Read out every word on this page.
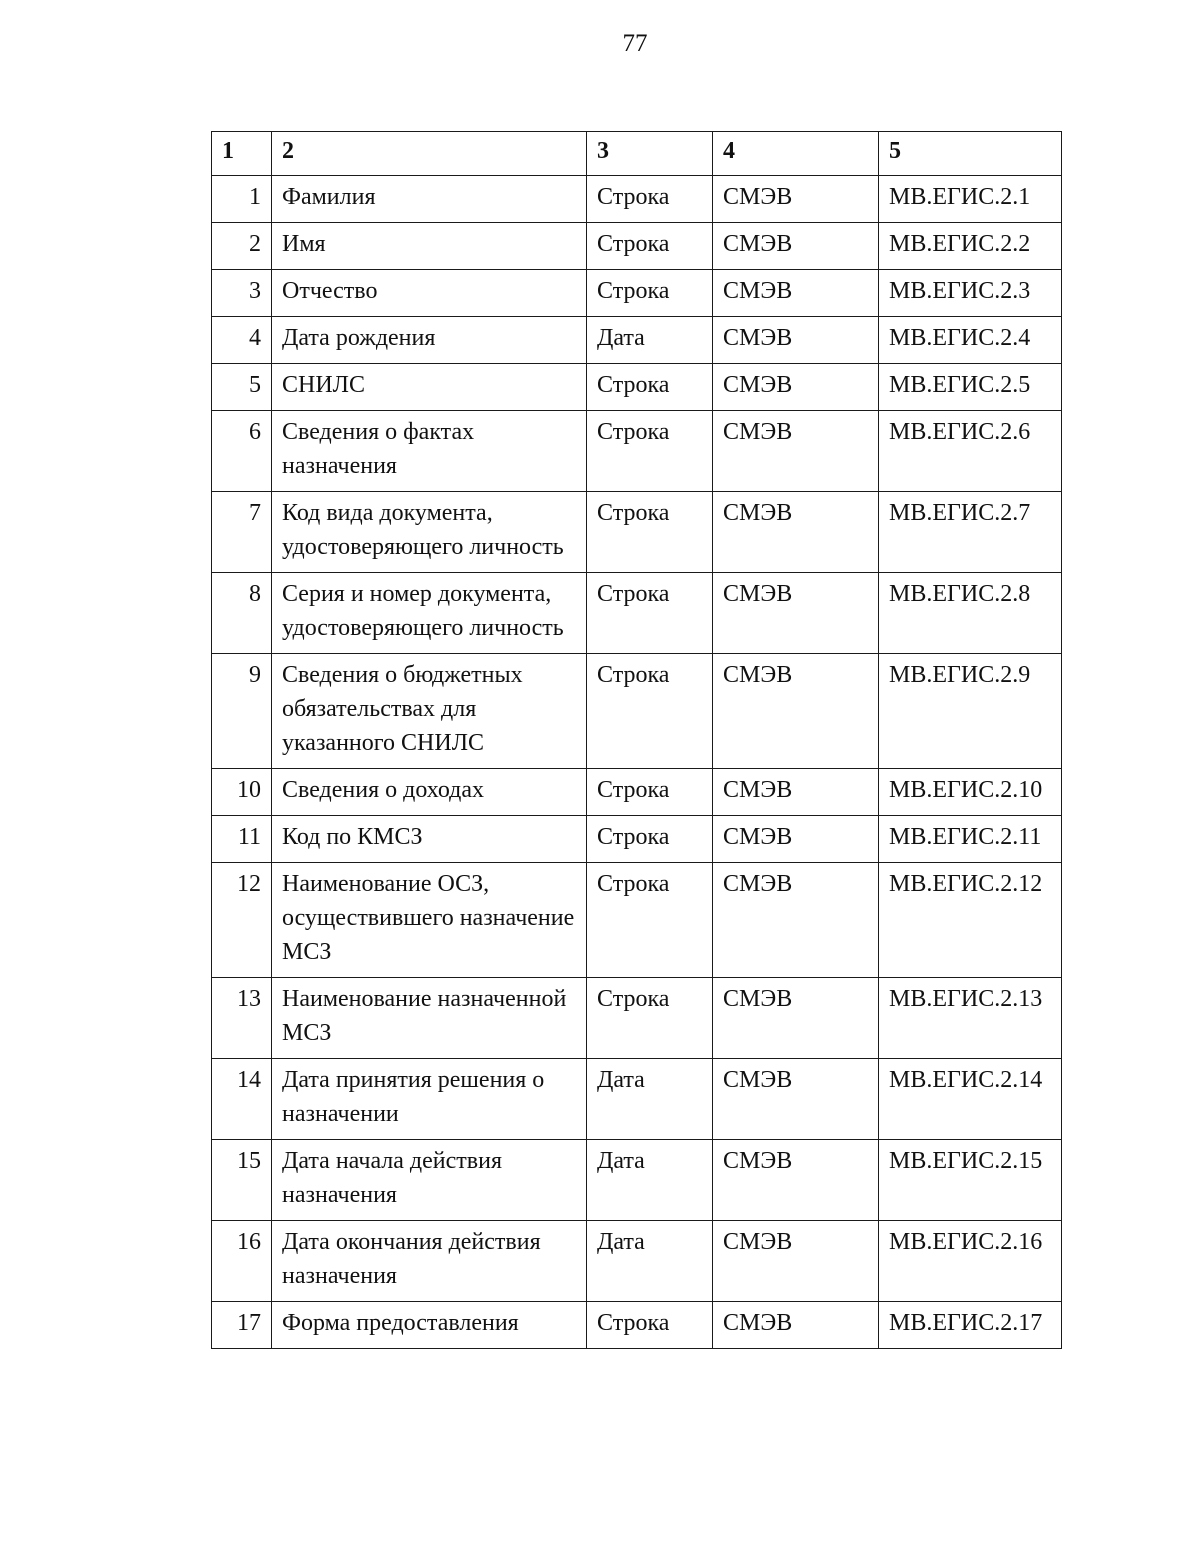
77
1	2	3	4	5
1	Фамилия	Строка	СМЭВ	МВ.ЕГИС.2.1
2	Имя	Строка	СМЭВ	МВ.ЕГИС.2.2
3	Отчество	Строка	СМЭВ	МВ.ЕГИС.2.3
4	Дата рождения	Дата	СМЭВ	МВ.ЕГИС.2.4
5	СНИЛС	Строка	СМЭВ	МВ.ЕГИС.2.5
6	Сведения о фактах назначения	Строка	СМЭВ	МВ.ЕГИС.2.6
7	Код вида документа, удостоверяющего личность	Строка	СМЭВ	МВ.ЕГИС.2.7
8	Серия и номер документа, удостоверяющего личность	Строка	СМЭВ	МВ.ЕГИС.2.8
9	Сведения о бюджетных обязательствах для указанного СНИЛС	Строка	СМЭВ	МВ.ЕГИС.2.9
10	Сведения о доходах	Строка	СМЭВ	МВ.ЕГИС.2.10
11	Код по КМСЗ	Строка	СМЭВ	МВ.ЕГИС.2.11
12	Наименование ОСЗ, осуществившего назначение МСЗ	Строка	СМЭВ	МВ.ЕГИС.2.12
13	Наименование назначенной МСЗ	Строка	СМЭВ	МВ.ЕГИС.2.13
14	Дата принятия решения о назначении	Дата	СМЭВ	МВ.ЕГИС.2.14
15	Дата начала действия назначения	Дата	СМЭВ	МВ.ЕГИС.2.15
16	Дата окончания действия назначения	Дата	СМЭВ	МВ.ЕГИС.2.16
17	Форма предоставления	Строка	СМЭВ	МВ.ЕГИС.2.17
